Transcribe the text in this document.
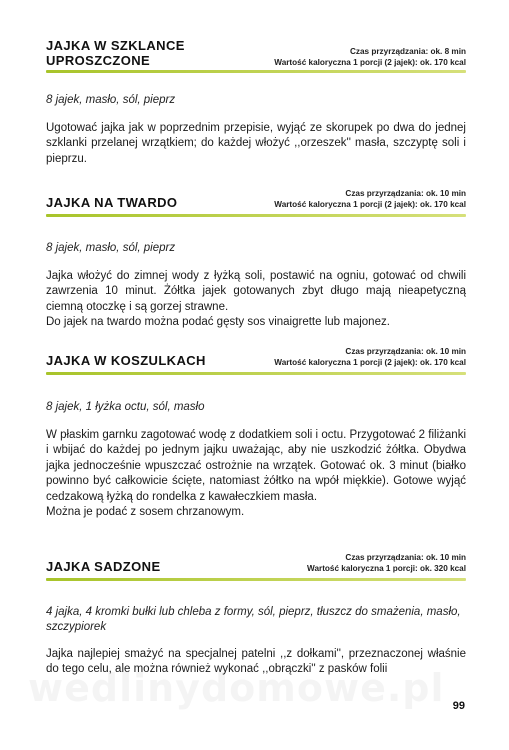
JAJKA W SZKLANCE
UPROSZCZONE
Czas przyrządzania: ok. 8 min
Wartość kaloryczna 1 porcji (2 jajek): ok. 170 kcal

8 jajek, masło, sól, pieprz

Ugotować jajka jak w poprzednim przepisie, wyjąć ze skorupek po dwa do jednej szklanki przelanej wrzątkiem; do każdej włożyć ,,orzeszek'' masła, szczyptę soli i pieprzu.

JAJKA NA TWARDO
Czas przyrządzania: ok. 10 min
Wartość kaloryczna 1 porcji (2 jajek): ok. 170 kcal

8 jajek, masło, sól, pieprz

Jajka włożyć do zimnej wody z łyżką soli, postawić na ogniu, gotować od chwili zawrzenia 10 minut. Żółtka jajek gotowanych zbyt długo mają nieapetyczną ciemną otoczkę i są gorzej strawne.

Do jajek na twardo można podać gęsty sos vinaigrette lub majonez.

JAJKA W KOSZULKACH
Czas przyrządzania: ok. 10 min
Wartość kaloryczna 1 porcji (2 jajek): ok. 170 kcal

8 jajek, 1 łyżka octu, sól, masło

W płaskim garnku zagotować wodę z dodatkiem soli i octu. Przygotować 2 filiżanki i wbijać do każdej po jednym jajku uważając, aby nie uszkodzić żółtka. Obydwa jajka jednocześnie wpuszczać ostrożnie na wrzątek. Gotować ok. 3 minut (białko powinno być całkowicie ścięte, natomiast żółtko na wpół miękkie). Gotowe wyjąć cedzakową łyżką do rondelka z kawałeczkiem masła.

Można je podać z sosem chrzanowym.

JAJKA SADZONE
Czas przyrządzania: ok. 10 min
Wartość kaloryczna 1 porcji: ok. 320 kcal

4 jajka, 4 kromki bułki lub chleba z formy, sól, pieprz, tłuszcz do smażenia, masło, szczypiorek

Jajka najlepiej smażyć na specjalnej patelni ,,z dołkami'', przeznaczonej właśnie do tego celu, ale można również wykonać ,,obrączki'' z pasków folii

99
